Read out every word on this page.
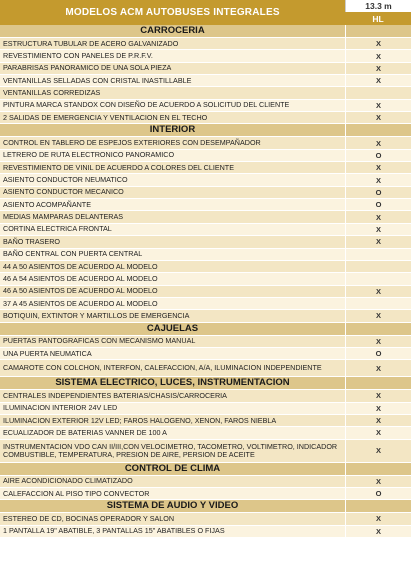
MODELOS ACM AUTOBUSES INTEGRALES
13.3 m
HL
CARROCERIA
ESTRUCTURA TUBULAR DE ACERO GALVANIZADO	X
REVESTIMIENTO CON PANELES DE P.R.F.V.	X
PARABRISAS PANORAMICO DE UNA SOLA PIEZA	X
VENTANILLAS SELLADAS CON CRISTAL INASTILLABLE	X
VENTANILLAS CORREDIZAS
PINTURA MARCA STANDOX CON DISEÑO DE ACUERDO A SOLICITUD DEL CLIENTE	X
2 SALIDAS DE EMERGENCIA Y VENTILACION EN EL TECHO	X
INTERIOR
CONTROL EN TABLERO DE ESPEJOS EXTERIORES CON DESEMPAÑADOR	X
LETRERO DE RUTA ELECTRONICO PANORAMICO	O
REVESTIMIENTO DE VINIL DE ACUERDO A COLORES DEL CLIENTE	X
ASIENTO CONDUCTOR NEUMATICO	X
ASIENTO CONDUCTOR MECANICO	O
ASIENTO ACOMPAÑANTE	O
MEDIAS MAMPARAS DELANTERAS	X
CORTINA ELECTRICA FRONTAL	X
BAÑO TRASERO	X
BAÑO CENTRAL CON PUERTA CENTRAL
44 A 50 ASIENTOS DE ACUERDO AL MODELO
46 A 54 ASIENTOS DE ACUERDO AL MODELO
46 A 50 ASIENTOS DE ACUERDO AL MODELO	X
37 A 45 ASIENTOS DE ACUERDO AL MODELO
BOTIQUIN, EXTINTOR Y MARTILLOS DE EMERGENCIA	X
CAJUELAS
PUERTAS PANTOGRAFICAS CON MECANISMO MANUAL	X
UNA PUERTA NEUMATICA	O
CAMAROTE CON COLCHON, INTERFON, CALEFACCION, A/A, ILUMINACION INDEPENDIENTE	X
SISTEMA ELECTRICO, LUCES, INSTRUMENTACION
CENTRALES INDEPENDIENTES BATERIAS/CHASIS/CARROCERIA	X
ILUMINACION INTERIOR 24V LED	X
ILUMINACION EXTERIOR 12V LED; FAROS HALOGENO, XENON, FAROS NIEBLA	X
ECUALIZADOR DE BATERIAS VANNER DE 100 A	X
INSTRUMENTACION VDO CAN II/III,CON VELOCIMETRO, TACOMETRO, VOLTIMETRO, INDICADOR COMBUSTIBLE, TEMPERATURA, PRESION DE AIRE, PERSION DE ACEITE	X
CONTROL DE CLIMA
AIRE ACONDICIONADO CLIMATIZADO	X
CALEFACCION AL PISO TIPO CONVECTOR	O
SISTEMA DE AUDIO Y VIDEO
ESTEREO DE CD, BOCINAS OPERADOR Y SALON	X
1 PANTALLA 19" ABATIBLE, 3 PANTALLAS 15" ABATIBLES O FIJAS	X
